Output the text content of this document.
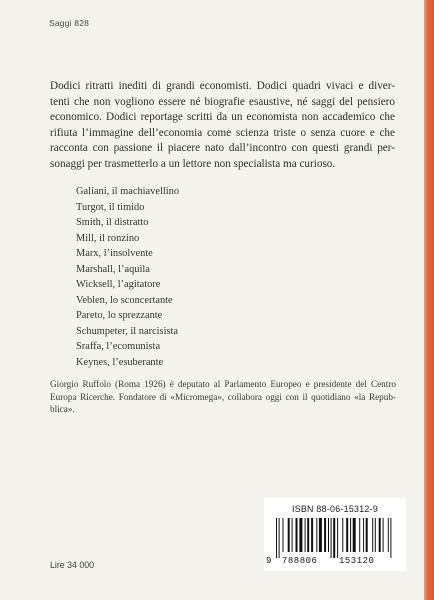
Saggi 828
Dodici ritratti inediti di grandi economisti. Dodici quadri vivaci e diver-
tenti che non vogliono essere né biografie esaustive, né saggi del pensiero
economico. Dodici reportage scritti da un economista non accademico che
rifiuta l’immagine dell’economia come scienza triste o senza cuore e che
racconta con passione il piacere nato dall’incontro con questi grandi per-
sonaggi per trasmetterlo a un lettore non specialista ma curioso.
Galiani, il machiavellino
Turgot, il timido
Smith, il distratto
Mill, il ronzino
Marx, l’insolvente
Marshall, l’aquila
Wicksell, l’agitatore
Veblen, lo sconcertante
Pareto, lo sprezzante
Schumpeter, il narcisista
Sraffa, l’ecomunista
Keynes, l’esuberante
Giorgio Ruffolo (Roma 1926) è deputato al Parlamento Europeo e presidente del Centro
Europa Ricerche. Fondatore di «Micromega», collabora oggi con il quotidiano «la Repub-
blica».
ISBN 88-06-15312-9
9 788806 153120
Lire 34 000
